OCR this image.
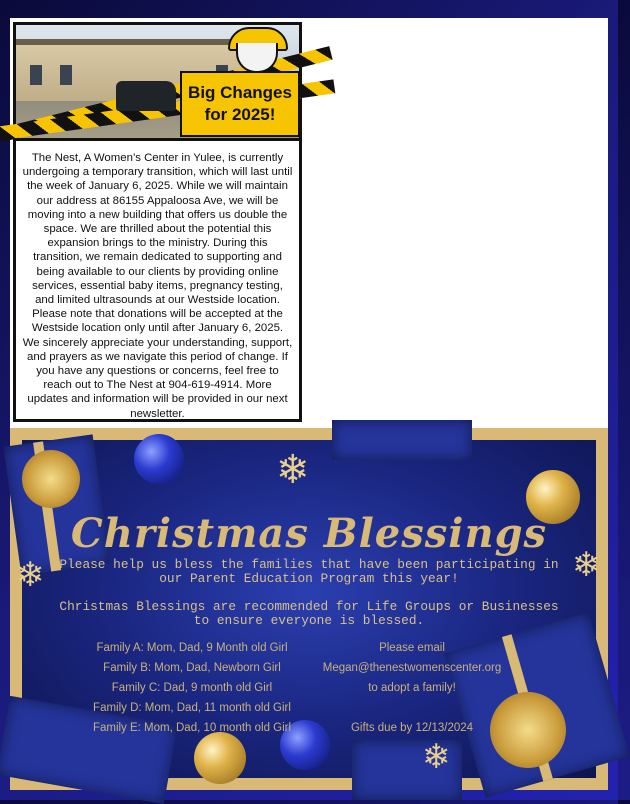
Big Changes
for 2025!
The Nest, A Women’s Center in Yulee, is currently undergoing a temporary transition, which will last until the week of January 6, 2025. While we will maintain our address at 86155 Appaloosa Ave, we will be moving into a new building that offers us double the space. We are thrilled about the potential this expansion brings to the ministry. During this transition, we remain dedicated to supporting and being available to our clients by providing online services, essential baby items, pregnancy testing, and limited ultrasounds at our Westside location. Please note that donations will be accepted at the Westside location only until after January 6, 2025. We sincerely appreciate your understanding, support, and prayers as we navigate this period of change. If you have any questions or concerns, feel free to reach out to The Nest at 904-619-4914. More updates and information will be provided in our next newsletter.
❄
❄
❄
❄
Christmas Blessings
Please help us bless the families that have been participating in our Parent Education Program this year!
Christmas Blessings are recommended for Life Groups or Businesses to ensure everyone is blessed.
Family A: Mom, Dad, 9 Month old Girl
Family B: Mom, Dad, Newborn Girl
Family C: Dad, 9 month old Girl
Family D: Mom, Dad, 11 month old Girl
Family E: Mom, Dad, 10 month old Girl
Please email
Megan@thenestwomenscenter.org
to adopt a family!
Gifts due by 12/13/2024
